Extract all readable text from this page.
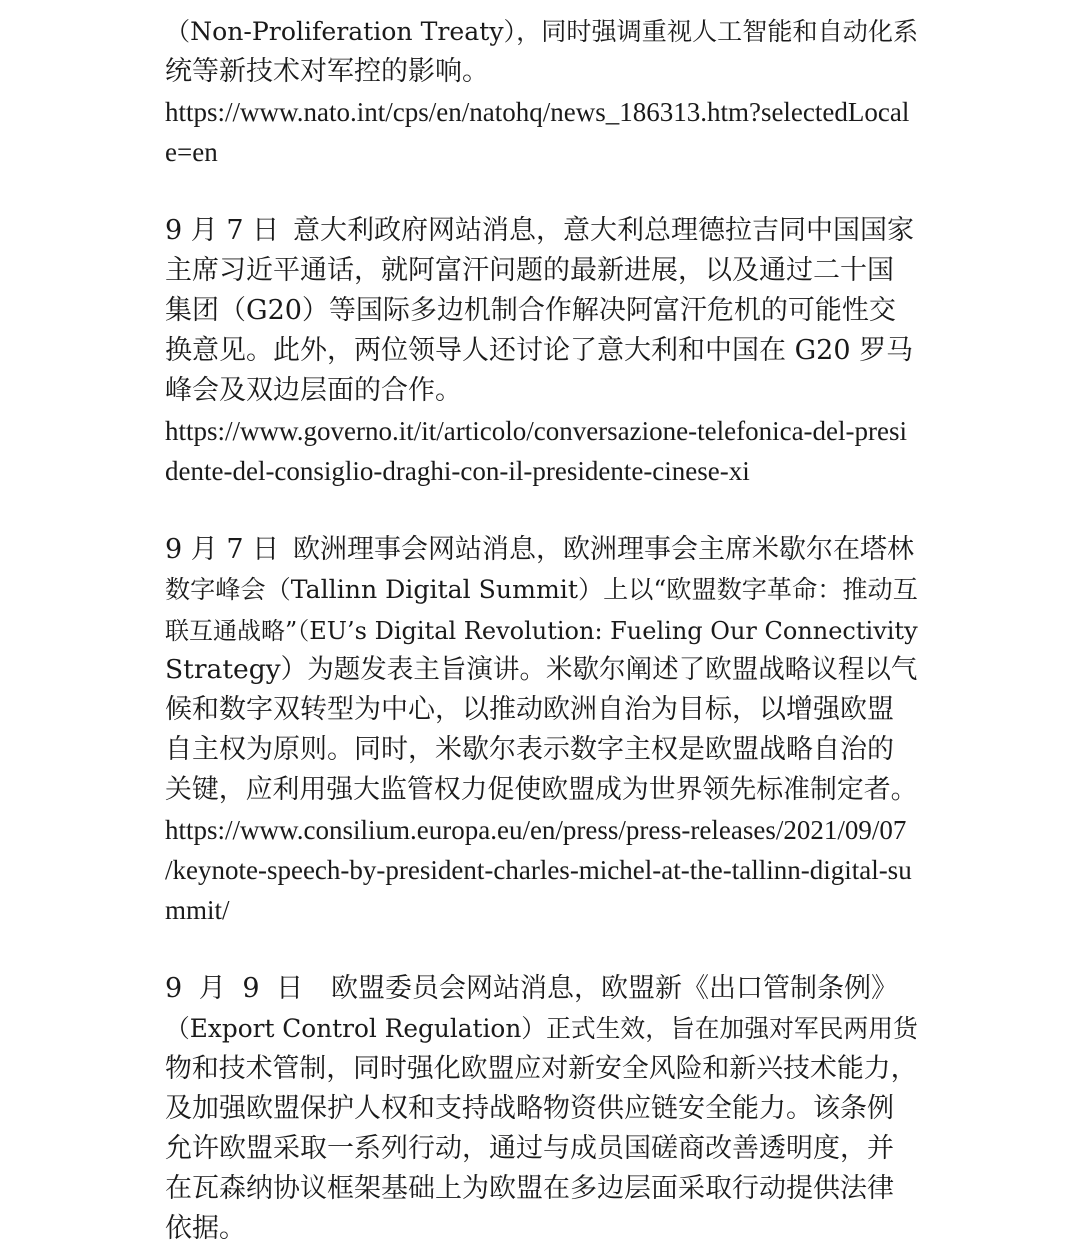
（Non-Proliferation Treaty），同时强调重视人工智能和自动化系

统等新技术对军控的影响。

https://www.nato.int/cps/en/natohq/news_186313.htm?selectedLocal

e=en

9 月 7 日 意大利政府网站消息，意大利总理德拉吉同中国国家

主席习近平通话，就阿富汗问题的最新进展，以及通过二十国

集团（G20）等国际多边机制合作解决阿富汗危机的可能性交

换意见。此外，两位领导人还讨论了意大利和中国在 G20 罗马

峰会及双边层面的合作。

https://www.governo.it/it/articolo/conversazione-telefonica-del-presi

dente-del-consiglio-draghi-con-il-presidente-cinese-xi

9 月 7 日 欧洲理事会网站消息，欧洲理事会主席米歇尔在塔林

数字峰会（Tallinn Digital Summit）上以“欧盟数字革命：推动互

联互通战略”（EU’s Digital Revolution: Fueling Our Connectivity

Strategy）为题发表主旨演讲。米歇尔阐述了欧盟战略议程以气

候和数字双转型为中心，以推动欧洲自治为目标，以增强欧盟

自主权为原则。同时，米歇尔表示数字主权是欧盟战略自治的

关键，应利用强大监管权力促使欧盟成为世界领先标准制定者。

https://www.consilium.europa.eu/en/press/press-releases/2021/09/07

/keynote-speech-by-president-charles-michel-at-the-tallinn-digital-su

mmit/

9 月 9 日 欧盟委员会网站消息，欧盟新《出口管制条例》

（Export Control Regulation）正式生效，旨在加强对军民两用货

物和技术管制，同时强化欧盟应对新安全风险和新兴技术能力，

及加强欧盟保护人权和支持战略物资供应链安全能力。该条例

允许欧盟采取一系列行动，通过与成员国磋商改善透明度，并

在瓦森纳协议框架基础上为欧盟在多边层面采取行动提供法律

依据。
